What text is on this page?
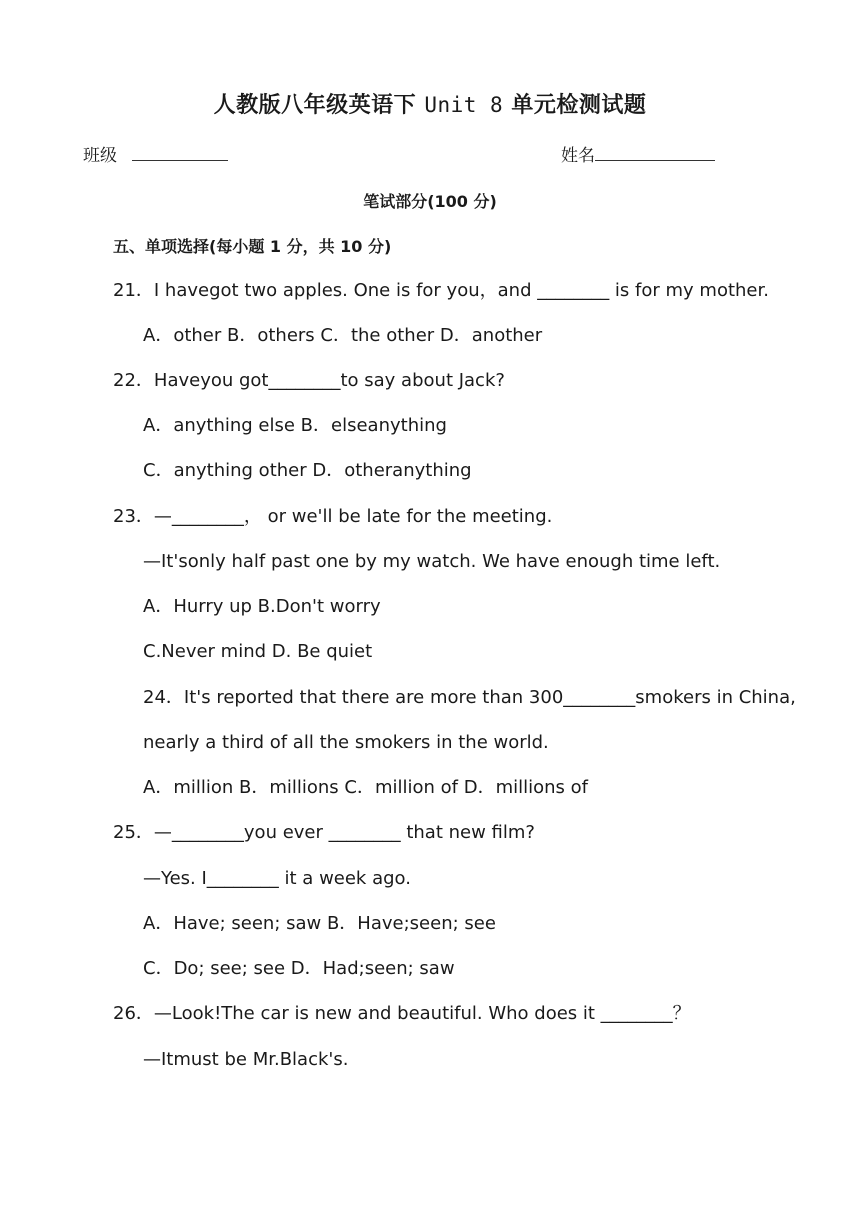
人教版八年级英语下 Unit 8 单元检测试题
班级	姓名
笔试部分(100 分)
五、单项选择(每小题 1 分，共 10 分)
21．I havegot two apples. One is for you，and ________ is for my mother.
A．other B．others C．the other D．another
22．Haveyou got________to say about Jack?
A．anything else B．elseanything
C．anything other D．otheranything
23．—________， or we'll be late for the meeting.
—It'sonly half past one by my watch. We have enough time left.
A．Hurry up B.Don't worry
C.Never mind D. Be quiet
24．It's reported that there are more than 300________smokers in China,
nearly a third of all the smokers in the world.
A．million B．millions C．million of D．millions of
25．—________you ever ________ that new film?
—Yes. I________ it a week ago.
A．Have; seen; saw B．Have;seen; see
C．Do; see; see D．Had;seen; saw
26．—Look!The car is new and beautiful. Who does it ________？
—Itmust be Mr.Black's.
